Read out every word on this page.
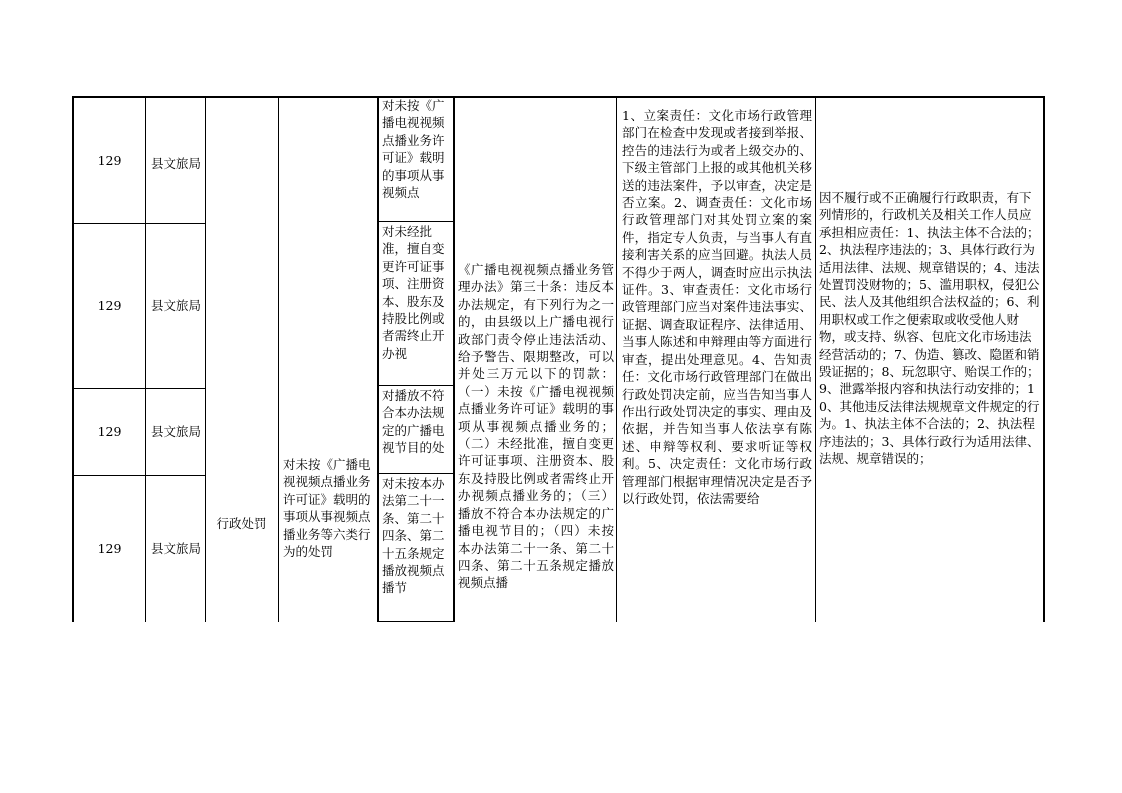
129
129
129
129
县文旅局
县文旅局
县文旅局
县文旅局
行政处罚
对未按《广播电视视频点播业务许可证》载明的事项从事视频点播业务等六类行为的处罚
对未按《广播电视视频点播业务许可证》载明的事项从事视频点
对未经批准，擅自变更许可证事项、注册资本、股东及持股比例或者需终止开办视
对播放不符合本办法规定的广播电视节目的处
对未按本办法第二十一条、第二十四条、第二十五条规定播放视频点播节
《广播电视视频点播业务管理办法》第三十条：违反本办法规定，有下列行为之一的，由县级以上广播电视行政部门责令停止违法活动、给予警告、限期整改，可以并处三万元以下的罚款：（一）未按《广播电视视频点播业务许可证》载明的事项从事视频点播业务的；（二）未经批准，擅自变更许可证事项、注册资本、股东及持股比例或者需终止开办视频点播业务的；（三）播放不符合本办法规定的广播电视节目的；（四）未按本办法第二十一条、第二十四条、第二十五条规定播放视频点播
1、立案责任：文化市场行政管理部门在检查中发现或者接到举报、控告的违法行为或者上级交办的、下级主管部门上报的或其他机关移送的违法案件，予以审查，决定是否立案。2、调查责任：文化市场行政管理部门对其处罚立案的案件，指定专人负责，与当事人有直接利害关系的应当回避。执法人员不得少于两人，调查时应出示执法证件。3、审查责任：文化市场行政管理部门应当对案件违法事实、证据、调查取证程序、法律适用、当事人陈述和申辩理由等方面进行审查，提出处理意见。4、告知责任：文化市场行政管理部门在做出行政处罚决定前，应当告知当事人作出行政处罚决定的事实、理由及依据，并告知当事人依法享有陈述、申辩等权利、要求听证等权利。5、决定责任：文化市场行政管理部门根据审理情况决定是否予以行政处罚，依法需要给
因不履行或不正确履行行政职责，有下列情形的，行政机关及相关工作人员应承担相应责任：1、执法主体不合法的；2、执法程序违法的；3、具体行政行为适用法律、法规、规章错误的；4、违法处置罚没财物的；5、滥用职权，侵犯公民、法人及其他组织合法权益的；6、利用职权或工作之便索取或收受他人财物，或支持、纵容、包庇文化市场违法经营活动的；7、伪造、篡改、隐匿和销毁证据的；8、玩忽职守、贻误工作的；9、泄露举报内容和执法行动安排的；10、其他违反法律法规规章文件规定的行为。1、执法主体不合法的；2、执法程序违法的；3、具体行政行为适用法律、法规、规章错误的；
